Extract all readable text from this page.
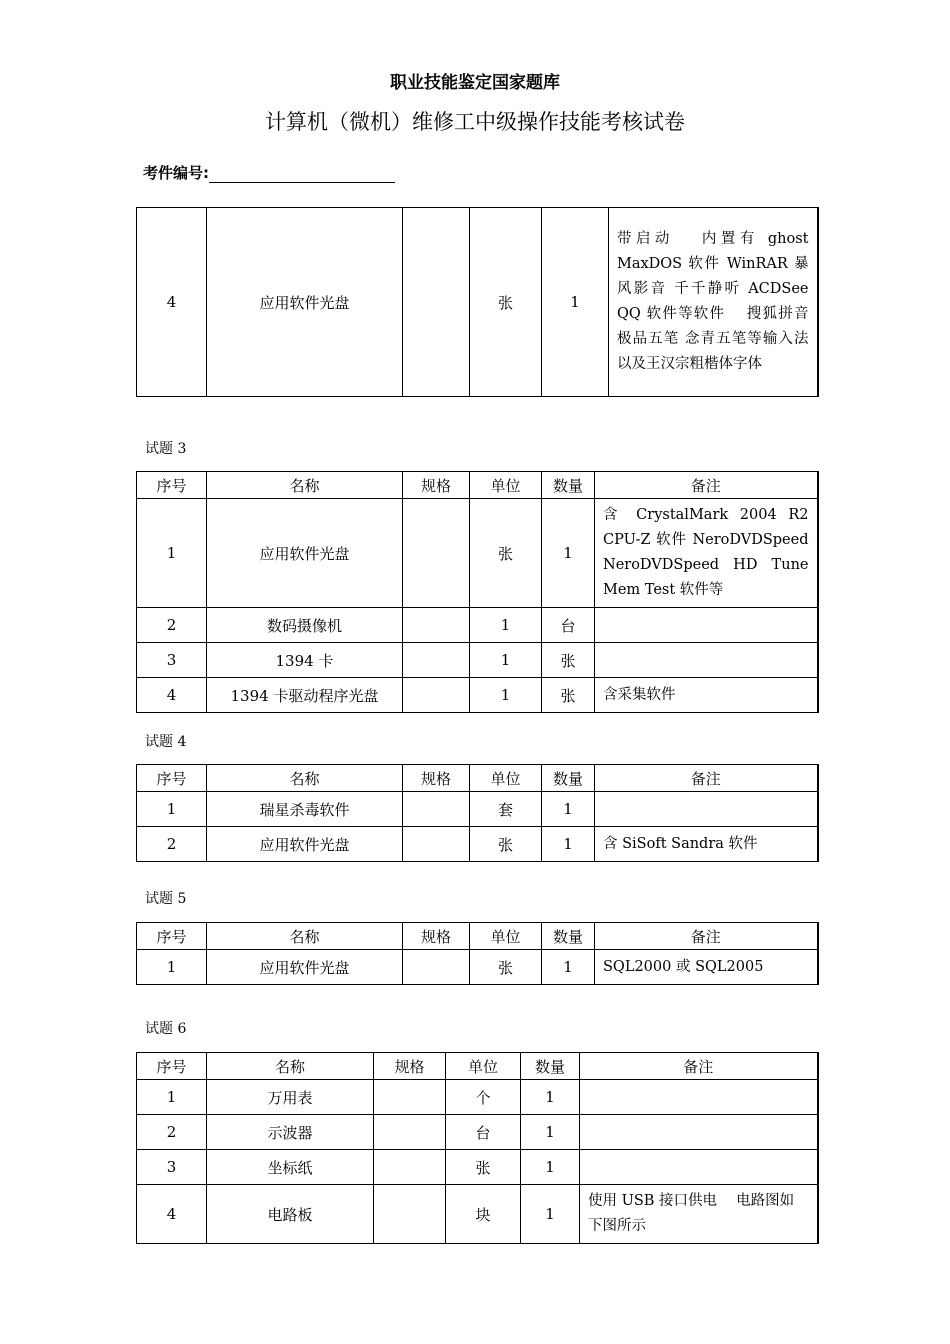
职业技能鉴定国家题库
计算机（微机）维修工中级操作技能考核试卷
考件编号:
4	应用软件光盘		张	1	带启动　 内置有 ghost MaxDOS 软件 WinRAR 暴风影音 千千静听 ACDSee QQ 软件等软件　 搜狐拼音极品五笔 念青五笔等输入法 以及王汉宗粗楷体字体
试题 3
序号	名称	规格	单位	数量	备注
1	应用软件光盘		张	1	含 CrystalMark 2004 R2 CPU-Z 软件 NeroDVDSpeed NeroDVDSpeed HD Tune Mem Test 软件等
2	数码摄像机		1	台	
3	1394 卡		1	张	
4	1394 卡驱动程序光盘		1	张	含采集软件
试题 4
序号	名称	规格	单位	数量	备注
1	瑞星杀毒软件		套	1	
2	应用软件光盘		张	1	含 SiSoft Sandra 软件
试题 5
序号	名称	规格	单位	数量	备注
1	应用软件光盘		张	1	SQL2000 或 SQL2005
试题 6
序号	名称	规格	单位	数量	备注
1	万用表		个	1	
2	示波器		台	1	
3	坐标纸		张	1	
4	电路板		块	1	使用 USB 接口供电　 电路图如下图所示
